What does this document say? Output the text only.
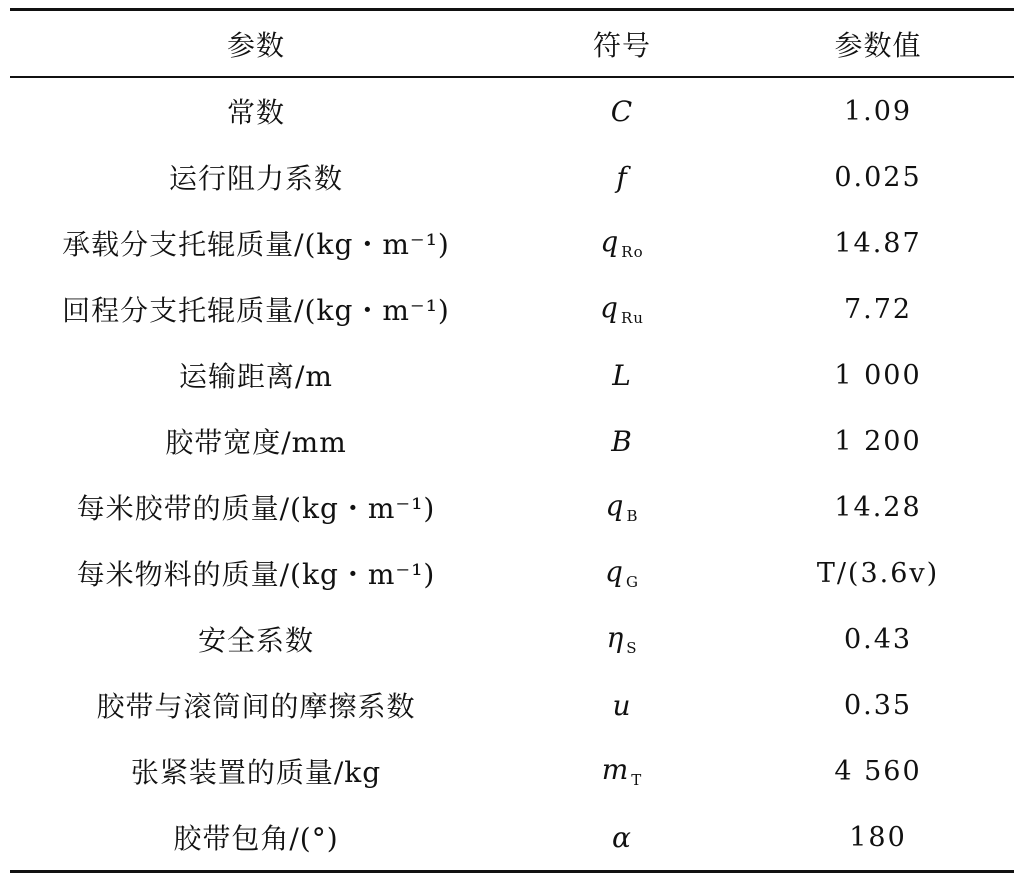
参数	符号	参数值
常数	C	1.09
运行阻力系数	f	0.025
承载分支托辊质量/(kg・m⁻¹)	q $_{Ro}$	14.87
回程分支托辊质量/(kg・m⁻¹)	q $_{Ru}$	7.72
运输距离/m	L	1 000
胶带宽度/mm	B	1 200
每米胶带的质量/(kg・m⁻¹)	q $_B$	14.28
每米物料的质量/(kg・m⁻¹)	q $_G$	T/(3.6v)
安全系数	η $_S$	0.43
胶带与滚筒间的摩擦系数	u	0.35
张紧装置的质量/kg	m $_T$	4 560
胶带包角/(°)	α	180
